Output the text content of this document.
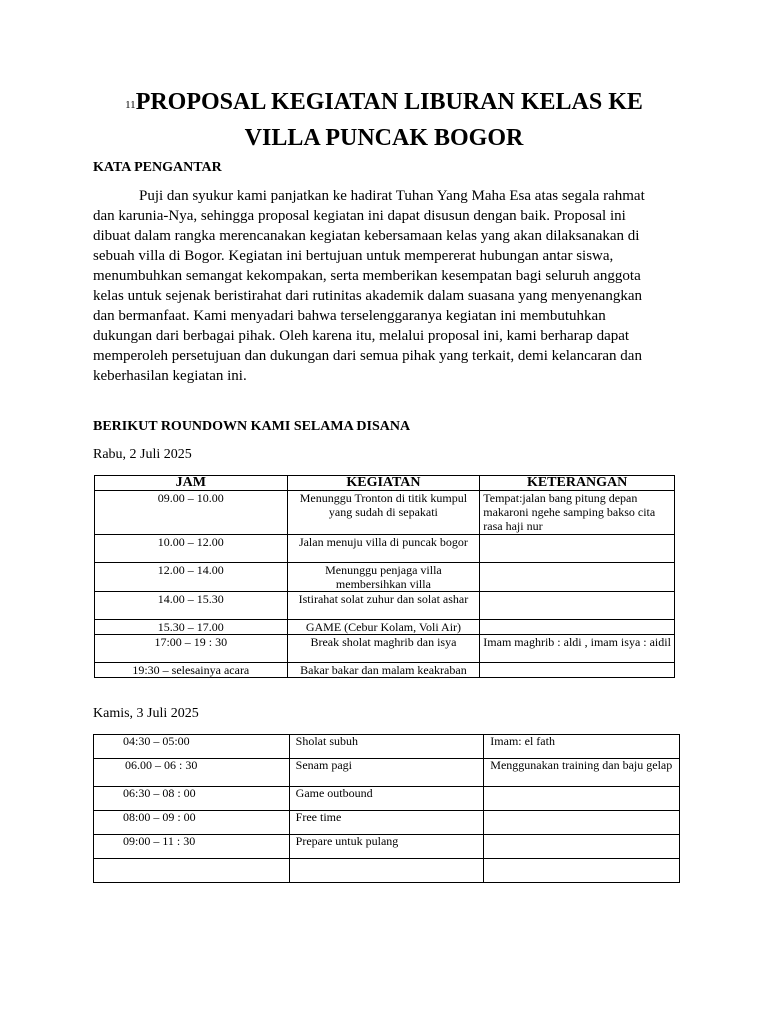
11PROPOSAL KEGIATAN LIBURAN KELAS KE
VILLA PUNCAK BOGOR
KATA PENGANTAR
Puji dan syukur kami panjatkan ke hadirat Tuhan Yang Maha Esa atas segala rahmat dan karunia-Nya, sehingga proposal kegiatan ini dapat disusun dengan baik. Proposal ini dibuat dalam rangka merencanakan kegiatan kebersamaan kelas yang akan dilaksanakan di sebuah villa di Bogor. Kegiatan ini bertujuan untuk mempererat hubungan antar siswa, menumbuhkan semangat kekompakan, serta memberikan kesempatan bagi seluruh anggota kelas untuk sejenak beristirahat dari rutinitas akademik dalam suasana yang menyenangkan dan bermanfaat. Kami menyadari bahwa terselenggaranya kegiatan ini membutuhkan dukungan dari berbagai pihak. Oleh karena itu, melalui proposal ini, kami berharap dapat memperoleh persetujuan dan dukungan dari semua pihak yang terkait, demi kelancaran dan keberhasilan kegiatan ini.
BERIKUT ROUNDOWN KAMI SELAMA DISANA
Rabu, 2 Juli 2025
JAM	KEGIATAN	KETERANGAN
09.00 – 10.00	Menunggu Tronton di titik kumpul yang sudah di sepakati	Tempat:jalan bang pitung depan makaroni ngehe samping bakso cita rasa haji nur
10.00 – 12.00	Jalan menuju villa di puncak bogor	
12.00 – 14.00	Menunggu penjaga villa membersihkan villa	
14.00 – 15.30	Istirahat solat zuhur dan solat ashar	
15.30 – 17.00	GAME (Cebur Kolam, Voli Air)	
17:00 – 19 : 30	Break sholat maghrib dan isya	Imam maghrib : aldi , imam isya : aidil
19:30 – selesainya acara	Bakar bakar dan malam keakraban	
Kamis, 3 Juli 2025
04:30 – 05:00	Sholat subuh	Imam: el fath
06.00 – 06 : 30	Senam pagi	Menggunakan training dan baju gelap
06:30 – 08 : 00	Game outbound	
08:00 – 09 : 00	Free time	
09:00 – 11 : 30	Prepare untuk pulang	
